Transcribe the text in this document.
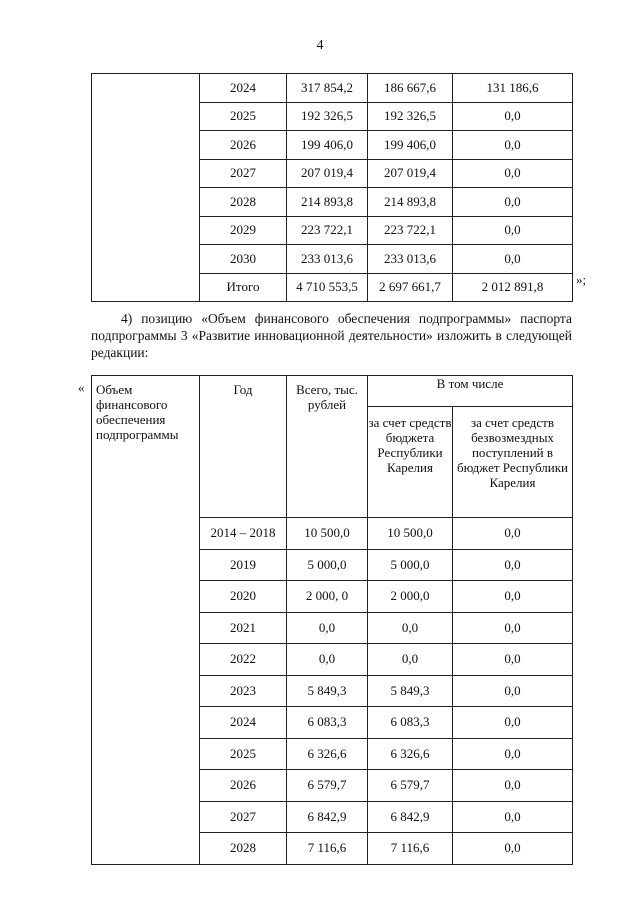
4
	2024	317 854,2	186 667,6	131 186,6
	2025	192 326,5	192 326,5	0,0
	2026	199 406,0	199 406,0	0,0
	2027	207 019,4	207 019,4	0,0
	2028	214 893,8	214 893,8	0,0
	2029	223 722,1	223 722,1	0,0
	2030	233 013,6	233 013,6	0,0
	Итого	4 710 553,5	2 697 661,7	2 012 891,8	»;
4) позицию «Объем финансового обеспечения подпрограммы» паспорта подпрограммы 3 «Развитие инновационной деятельности» изложить в следующей редакции:
« Объем финансового обеспечения подпрограммы	Год	Всего, тыс. рублей	В том числе	
			за счет средств бюджета Республики Карелия	за счет средств безвозмездных поступлений в бюджет Республики Карелия
	2014 – 2018	10 500,0	10 500,0	0,0
	2019	5 000,0	5 000,0	0,0
	2020	2 000, 0	2 000,0	0,0
	2021	0,0	0,0	0,0
	2022	0,0	0,0	0,0
	2023	5 849,3	5 849,3	0,0
	2024	6 083,3	6 083,3	0,0
	2025	6 326,6	6 326,6	0,0
	2026	6 579,7	6 579,7	0,0
	2027	6 842,9	6 842,9	0,0
	2028	7 116,6	7 116,6	0,0
